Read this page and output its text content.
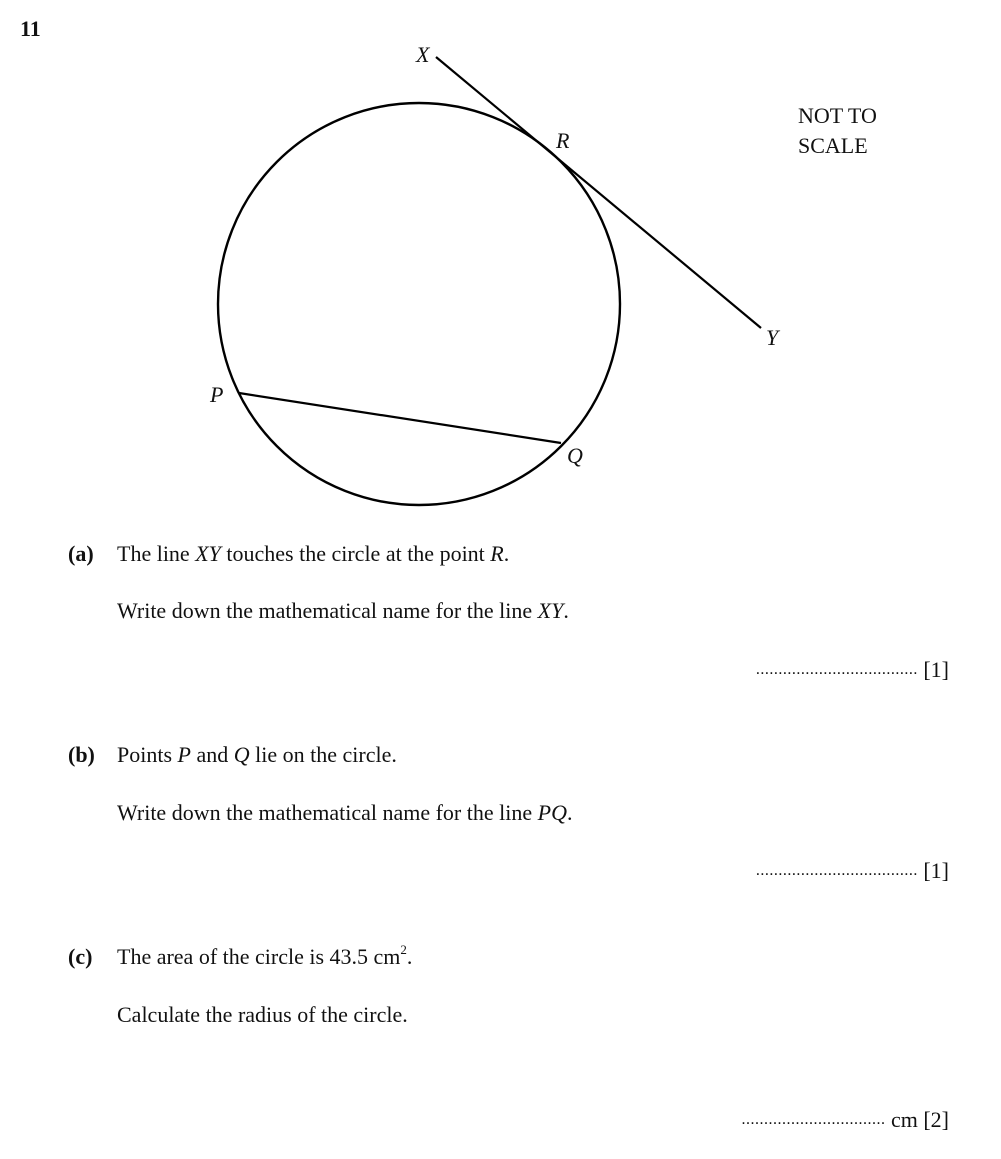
11
X
R
Y
P
Q
NOT TO
SCALE
(a) The line XY touches the circle at the point R.
Write down the mathematical name for the line XY.
.................................... [1]
(b) Points P and Q lie on the circle.
Write down the mathematical name for the line PQ.
.................................... [1]
(c) The area of the circle is 43.5 $cm^2$.
Calculate the radius of the circle.
................................ cm [2]
